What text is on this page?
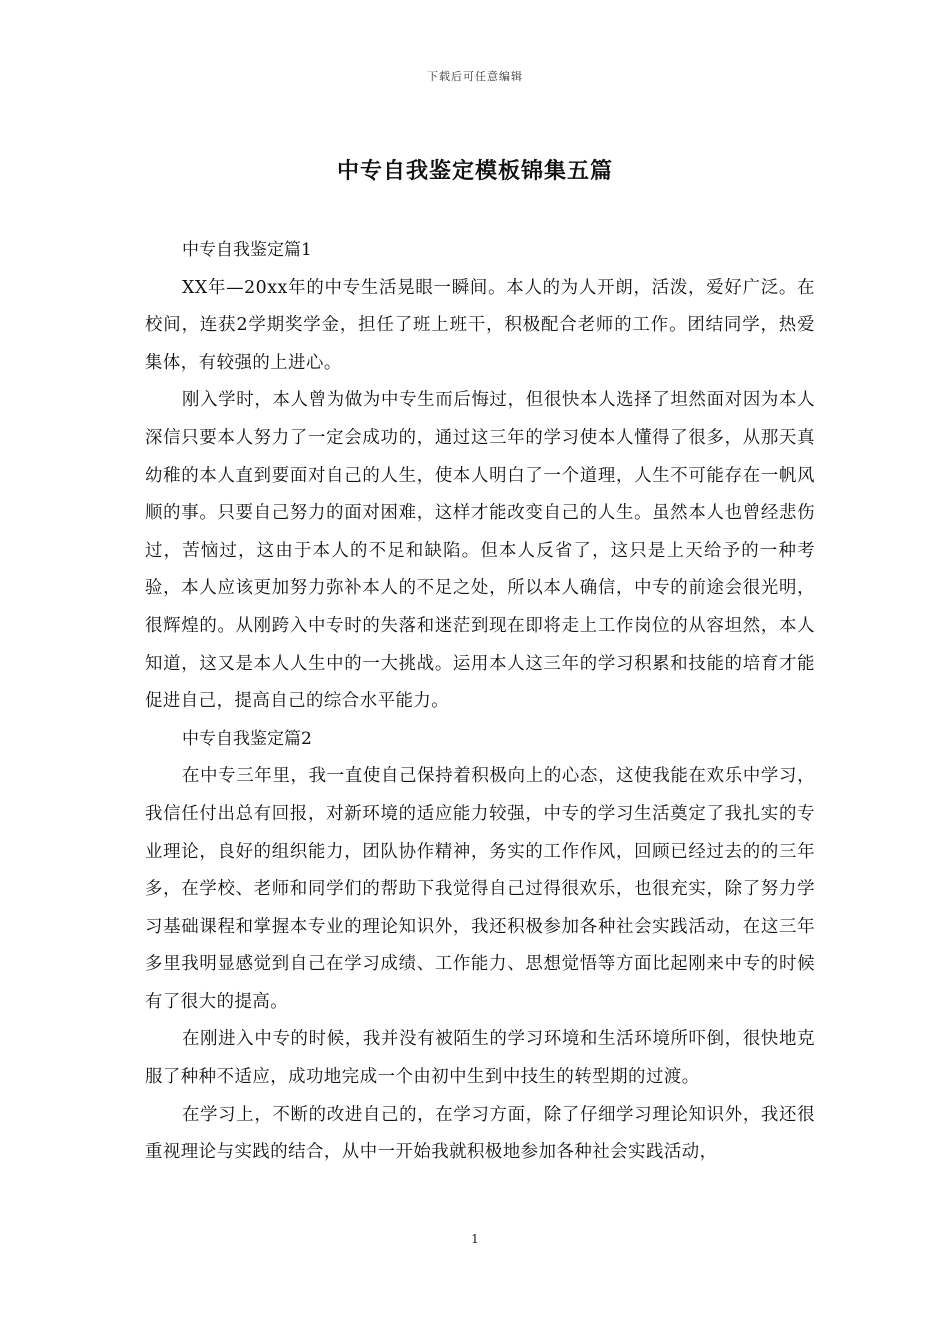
下载后可任意编辑
中专自我鉴定模板锦集五篇

中专自我鉴定篇1

XX年—20xx年的中专生活晃眼一瞬间。本人的为人开朗，活泼，爱好广泛。在校间，连获2学期奖学金，担任了班上班干，积极配合老师的工作。团结同学，热爱集体，有较强的上进心。

刚入学时，本人曾为做为中专生而后悔过，但很快本人选择了坦然面对因为本人深信只要本人努力了一定会成功的，通过这三年的学习使本人懂得了很多，从那天真幼稚的本人直到要面对自己的人生，使本人明白了一个道理，人生不可能存在一帆风顺的事。只要自己努力的面对困难，这样才能改变自己的人生。虽然本人也曾经悲伤过，苦恼过，这由于本人的不足和缺陷。但本人反省了，这只是上天给予的一种考验，本人应该更加努力弥补本人的不足之处，所以本人确信，中专的前途会很光明，很辉煌的。从刚跨入中专时的失落和迷茫到现在即将走上工作岗位的从容坦然，本人知道，这又是本人人生中的一大挑战。运用本人这三年的学习积累和技能的培育才能促进自己，提高自己的综合水平能力。

中专自我鉴定篇2

在中专三年里，我一直使自己保持着积极向上的心态，这使我能在欢乐中学习，我信任付出总有回报，对新环境的适应能力较强，中专的学习生活奠定了我扎实的专业理论，良好的组织能力，团队协作精神，务实的工作作风，回顾已经过去的的三年多，在学校、老师和同学们的帮助下我觉得自己过得很欢乐，也很充实，除了努力学习基础课程和掌握本专业的理论知识外，我还积极参加各种社会实践活动，在这三年多里我明显感觉到自己在学习成绩、工作能力、思想觉悟等方面比起刚来中专的时候有了很大的提高。

在刚进入中专的时候，我并没有被陌生的学习环境和生活环境所吓倒，很快地克服了种种不适应，成功地完成一个由初中生到中技生的转型期的过渡。

在学习上，不断的改进自己的，在学习方面，除了仔细学习理论知识外，我还很重视理论与实践的结合，从中一开始我就积极地参加各种社会实践活动，

1
